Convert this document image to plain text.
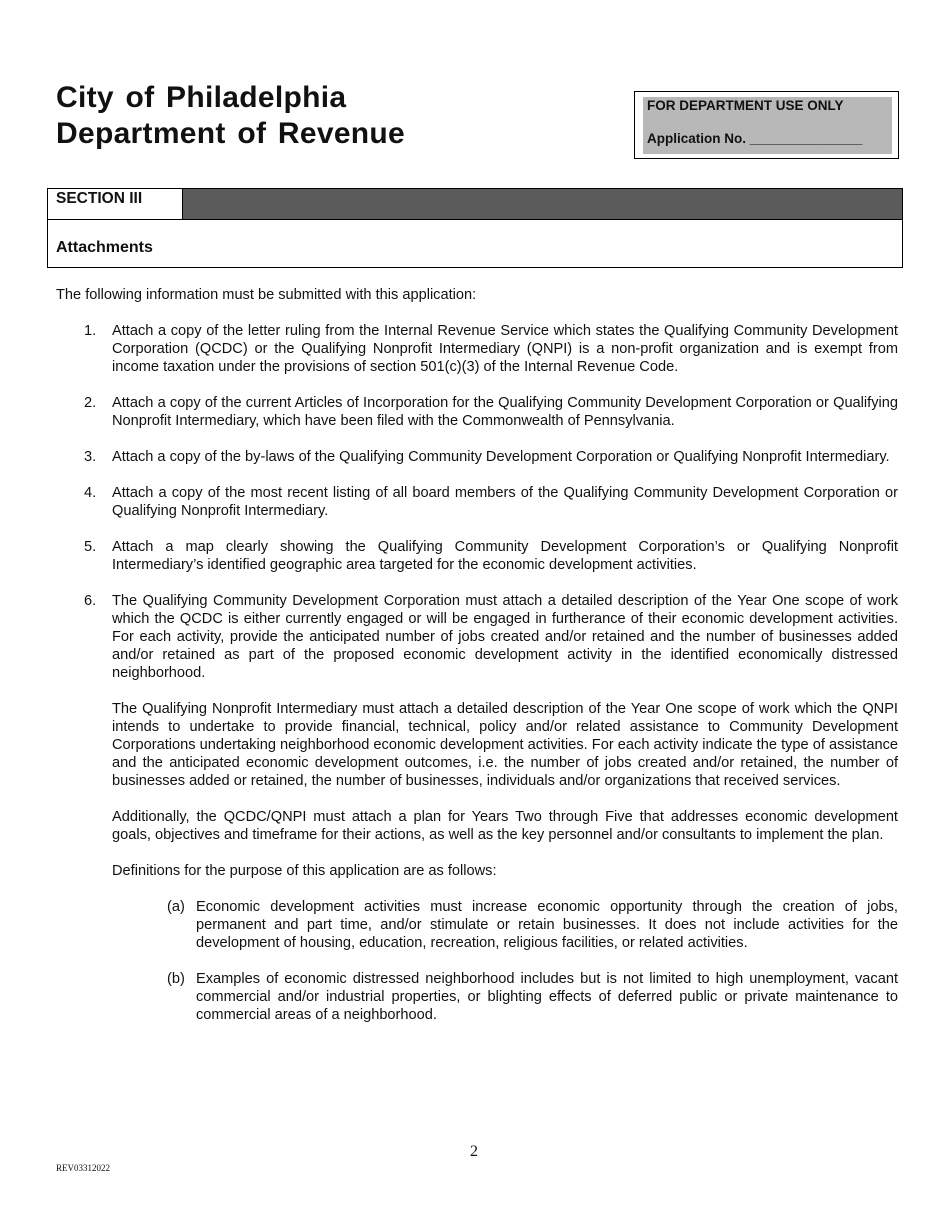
City of Philadelphia
Department of Revenue
FOR DEPARTMENT USE ONLY
Application No. _______________
SECTION III
Attachments
The following information must be submitted with this application:
1. Attach a copy of the letter ruling from the Internal Revenue Service which states the Qualifying Community Development Corporation (QCDC) or the Qualifying Nonprofit Intermediary (QNPI) is a non-profit organization and is exempt from income taxation under the provisions of section 501(c)(3) of the Internal Revenue Code.

2. Attach a copy of the current Articles of Incorporation for the Qualifying Community Development Corporation or Qualifying Nonprofit Intermediary, which have been filed with the Commonwealth of Pennsylvania.

3. Attach a copy of the by-laws of the Qualifying Community Development Corporation or Qualifying Nonprofit Intermediary.

4. Attach a copy of the most recent listing of all board members of the Qualifying Community Development Corporation or Qualifying Nonprofit Intermediary.

5. Attach a map clearly showing the Qualifying Community Development Corporation’s or Qualifying Nonprofit Intermediary’s identified geographic area targeted for the economic development activities.

6. The Qualifying Community Development Corporation must attach a detailed description of the Year One scope of work which the QCDC is either currently engaged or will be engaged in furtherance of their economic development activities. For each activity, provide the anticipated number of jobs created and/or retained and the number of businesses added and/or retained as part of the proposed economic development activity in the identified economically distressed neighborhood.

The Qualifying Nonprofit Intermediary must attach a detailed description of the Year One scope of work which the QNPI intends to undertake to provide financial, technical, policy and/or related assistance to Community Development Corporations undertaking neighborhood economic development activities. For each activity indicate the type of assistance and the anticipated economic development outcomes, i.e. the number of jobs created and/or retained, the number of businesses added or retained, the number of businesses, individuals and/or organizations that received services.

Additionally, the QCDC/QNPI must attach a plan for Years Two through Five that addresses economic development goals, objectives and timeframe for their actions, as well as the key personnel and/or consultants to implement the plan.

Definitions for the purpose of this application are as follows:

(a) Economic development activities must increase economic opportunity through the creation of jobs, permanent and part time, and/or stimulate or retain businesses. It does not include activities for the development of housing, education, recreation, religious facilities, or related activities.
(b) Examples of economic distressed neighborhood includes but is not limited to high unemployment, vacant commercial and/or industrial properties, or blighting effects of deferred public or private maintenance to commercial areas of a neighborhood.
2
REV03312022
